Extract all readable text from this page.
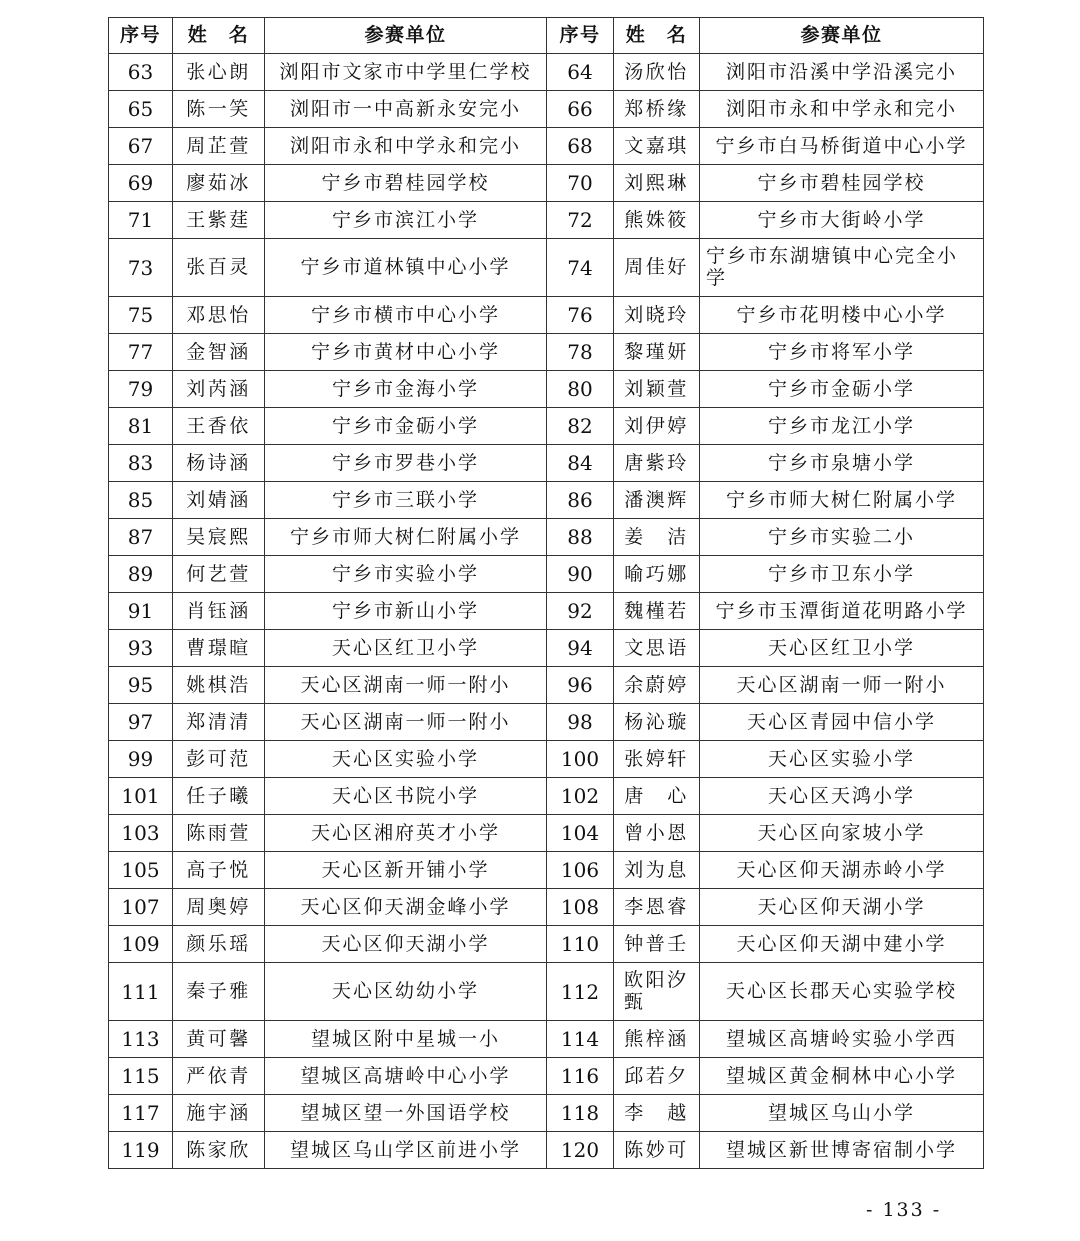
序号	姓　名	参赛单位	序号	姓　名	参赛单位
63	张心朗	浏阳市文家市中学里仁学校	64	汤欣怡	浏阳市沿溪中学沿溪完小
65	陈一笑	浏阳市一中高新永安完小	66	郑桥缘	浏阳市永和中学永和完小
67	周芷萱	浏阳市永和中学永和完小	68	文嘉琪	宁乡市白马桥街道中心小学
69	廖茹冰	宁乡市碧桂园学校	70	刘熙琳	宁乡市碧桂园学校
71	王紫莛	宁乡市滨江小学	72	熊姝筱	宁乡市大街岭小学
73	张百灵	宁乡市道林镇中心小学	74	周佳好	宁乡市东湖塘镇中心完全小学
75	邓思怡	宁乡市横市中心小学	76	刘晓玲	宁乡市花明楼中心小学
77	金智涵	宁乡市黄材中心小学	78	黎瑾妍	宁乡市将军小学
79	刘芮涵	宁乡市金海小学	80	刘颖萱	宁乡市金砺小学
81	王香依	宁乡市金砺小学	82	刘伊婷	宁乡市龙江小学
83	杨诗涵	宁乡市罗巷小学	84	唐紫玲	宁乡市泉塘小学
85	刘婧涵	宁乡市三联小学	86	潘澳辉	宁乡市师大树仁附属小学
87	吴宸熙	宁乡市师大树仁附属小学	88	姜　洁	宁乡市实验二小
89	何艺萱	宁乡市实验小学	90	喻巧娜	宁乡市卫东小学
91	肖钰涵	宁乡市新山小学	92	魏槿若	宁乡市玉潭街道花明路小学
93	曹璟暄	天心区红卫小学	94	文思语	天心区红卫小学
95	姚棋浩	天心区湖南一师一附小	96	余蔚婷	天心区湖南一师一附小
97	郑清清	天心区湖南一师一附小	98	杨沁璇	天心区青园中信小学
99	彭可范	天心区实验小学	100	张婷轩	天心区实验小学
101	任子曦	天心区书院小学	102	唐　心	天心区天鸿小学
103	陈雨萱	天心区湘府英才小学	104	曾小恩	天心区向家坡小学
105	高子悦	天心区新开铺小学	106	刘为息	天心区仰天湖赤岭小学
107	周奥婷	天心区仰天湖金峰小学	108	李恩睿	天心区仰天湖小学
109	颜乐瑶	天心区仰天湖小学	110	钟普壬	天心区仰天湖中建小学
111	秦子雅	天心区幼幼小学	112	欧阳汐甄	天心区长郡天心实验学校
113	黄可馨	望城区附中星城一小	114	熊梓涵	望城区高塘岭实验小学西
115	严依青	望城区高塘岭中心小学	116	邱若夕	望城区黄金桐林中心小学
117	施宇涵	望城区望一外国语学校	118	李　越	望城区乌山小学
119	陈家欣	望城区乌山学区前进小学	120	陈妙可	望城区新世博寄宿制小学
- 133 -
